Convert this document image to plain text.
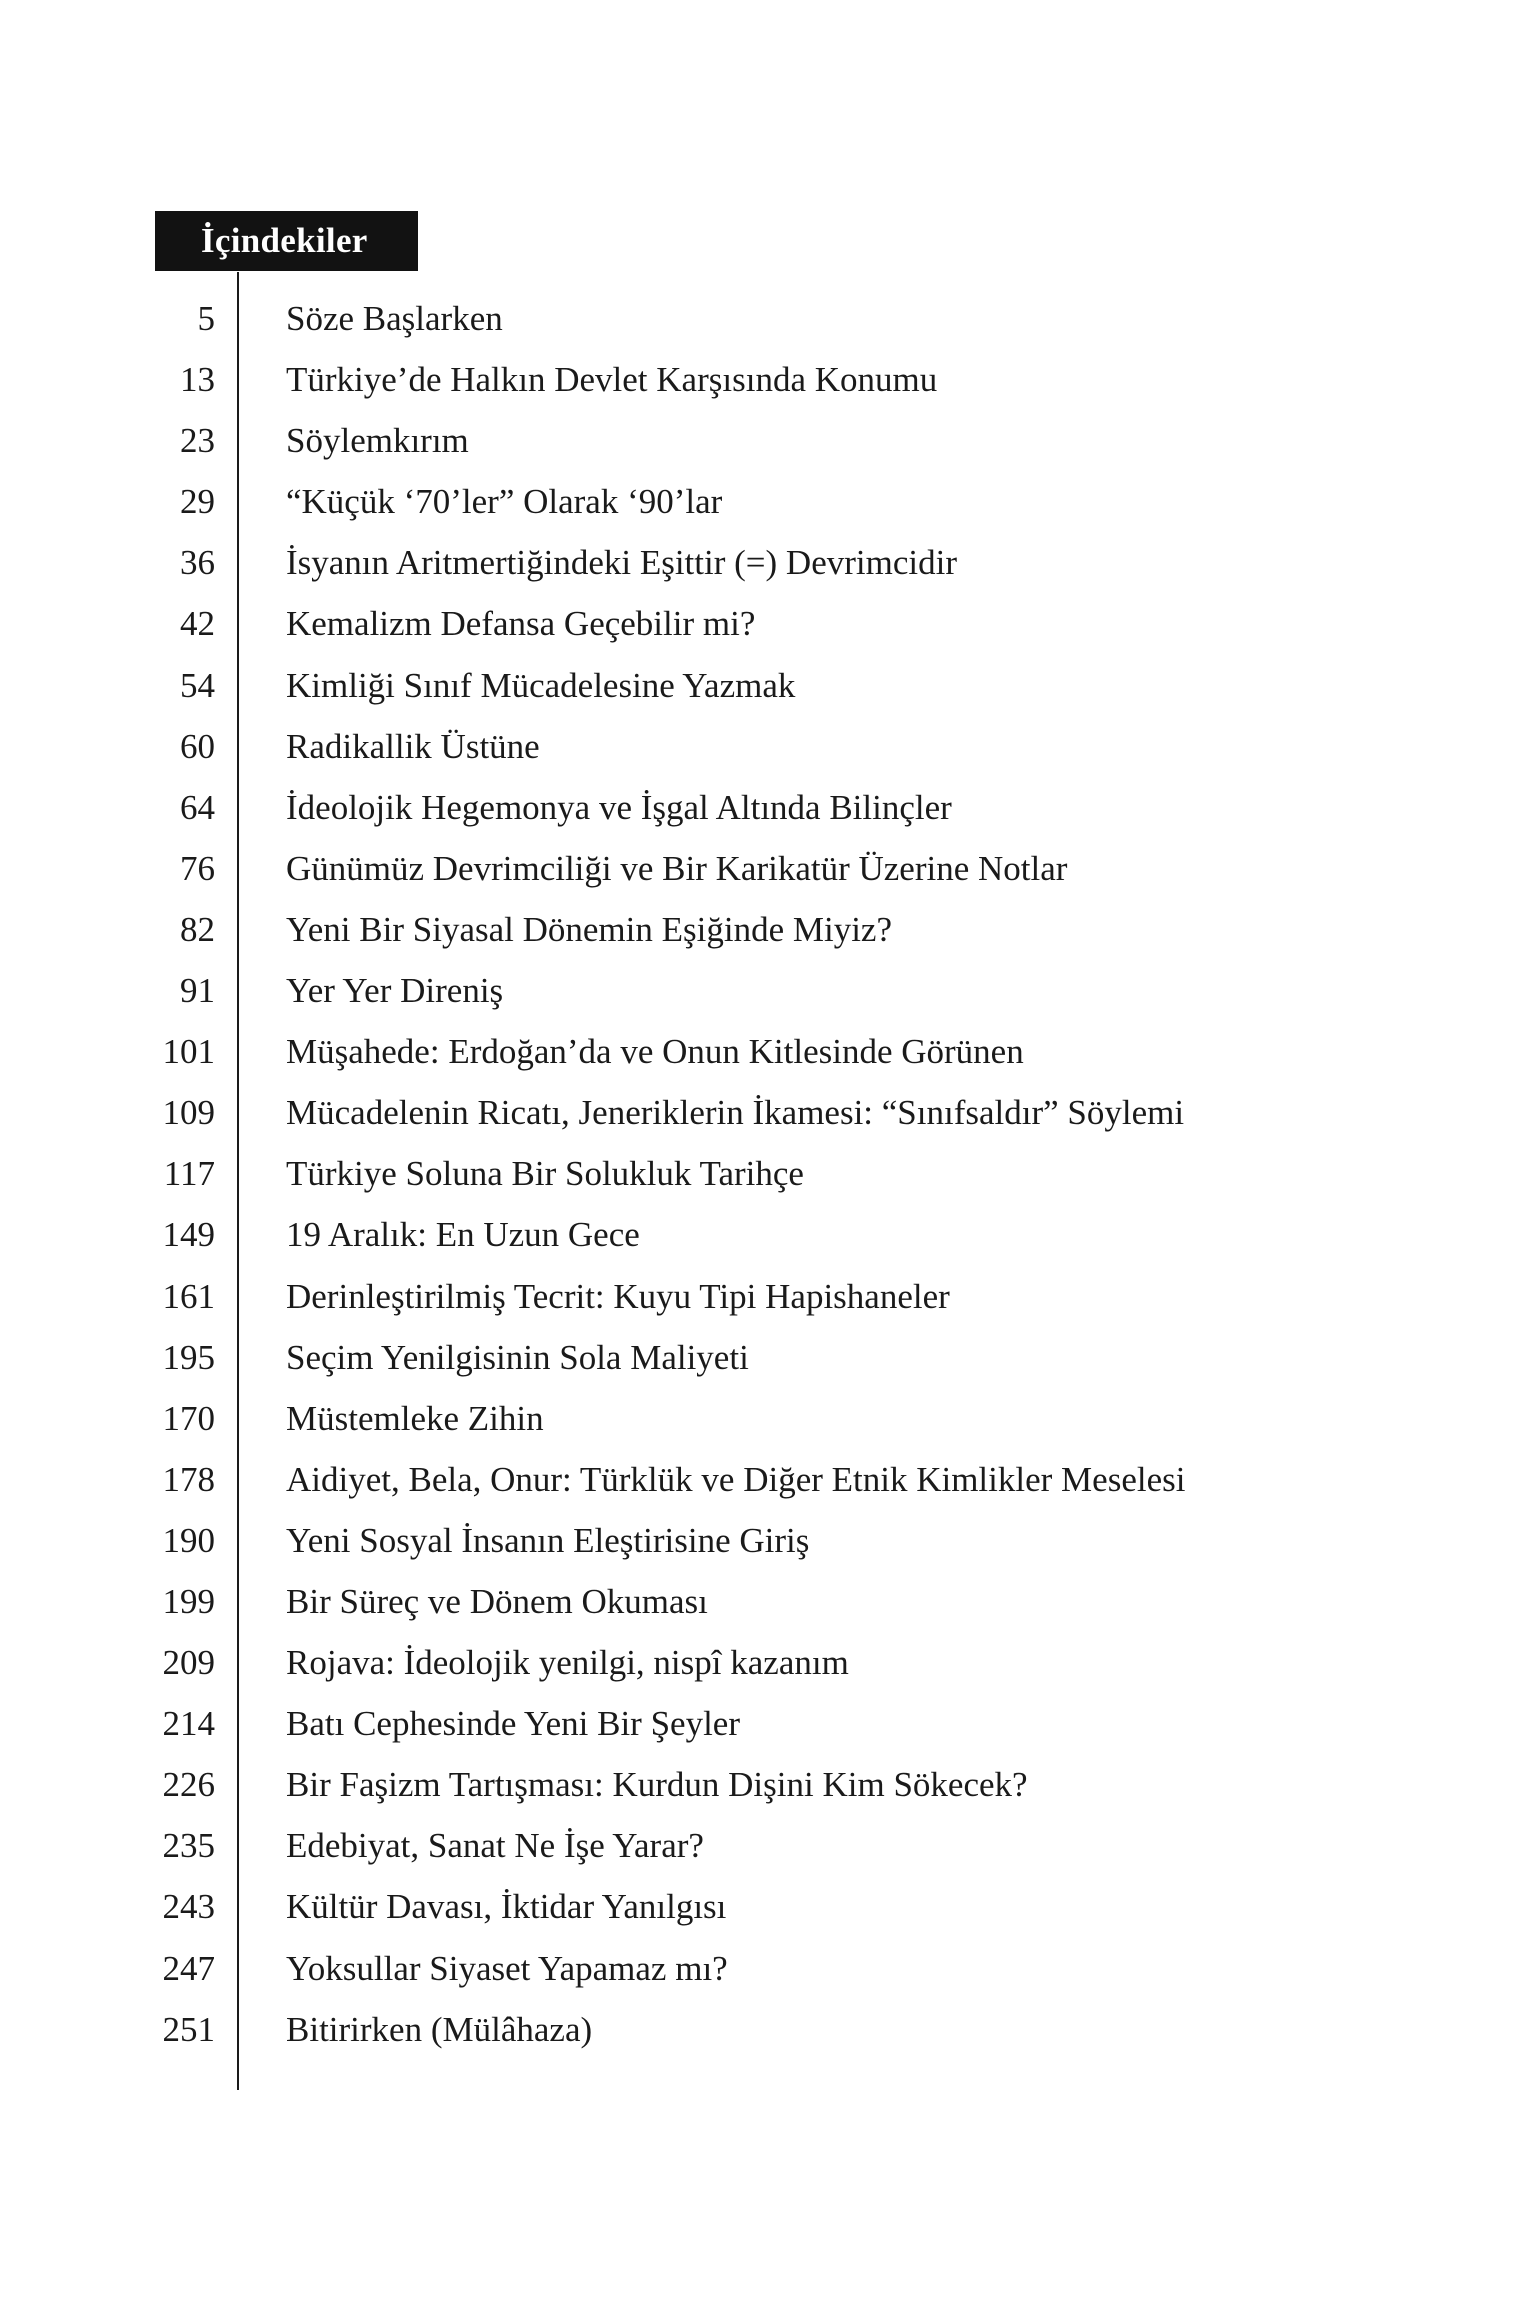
İçindekiler
5 Söze Başlarken
13 Türkiye’de Halkın Devlet Karşısında Konumu
23 Söylemkırım
29 “Küçük ‘70’ler” Olarak ‘90’lar
36 İsyanın Aritmertiğindeki Eşittir (=) Devrimcidir
42 Kemalizm Defansa Geçebilir mi?
54 Kimliği Sınıf Mücadelesine Yazmak
60 Radikallik Üstüne
64 İdeolojik Hegemonya ve İşgal Altında Bilinçler
76 Günümüz Devrimciliği ve Bir Karikatür Üzerine Notlar
82 Yeni Bir Siyasal Dönemin Eşiğinde Miyiz?
91 Yer Yer Direniş
101 Müşahede: Erdoğan’da ve Onun Kitlesinde Görünen
109 Mücadelenin Ricatı, Jeneriklerin İkamesi: “Sınıfsaldır” Söylemi
117 Türkiye Soluna Bir Solukluk Tarihçe
149 19 Aralık: En Uzun Gece
161 Derinleştirilmiş Tecrit: Kuyu Tipi Hapishaneler
195 Seçim Yenilgisinin Sola Maliyeti
170 Müstemleke Zihin
178 Aidiyet, Bela, Onur: Türklük ve Diğer Etnik Kimlikler Meselesi
190 Yeni Sosyal İnsanın Eleştirisine Giriş
199 Bir Süreç ve Dönem Okuması
209 Rojava: İdeolojik yenilgi, nispî kazanım
214 Batı Cephesinde Yeni Bir Şeyler
226 Bir Faşizm Tartışması: Kurdun Dişini Kim Sökecek?
235 Edebiyat, Sanat Ne İşe Yarar?
243 Kültür Davası, İktidar Yanılgısı
247 Yoksullar Siyaset Yapamaz mı?
251 Bitirirken (Mülâhaza)
